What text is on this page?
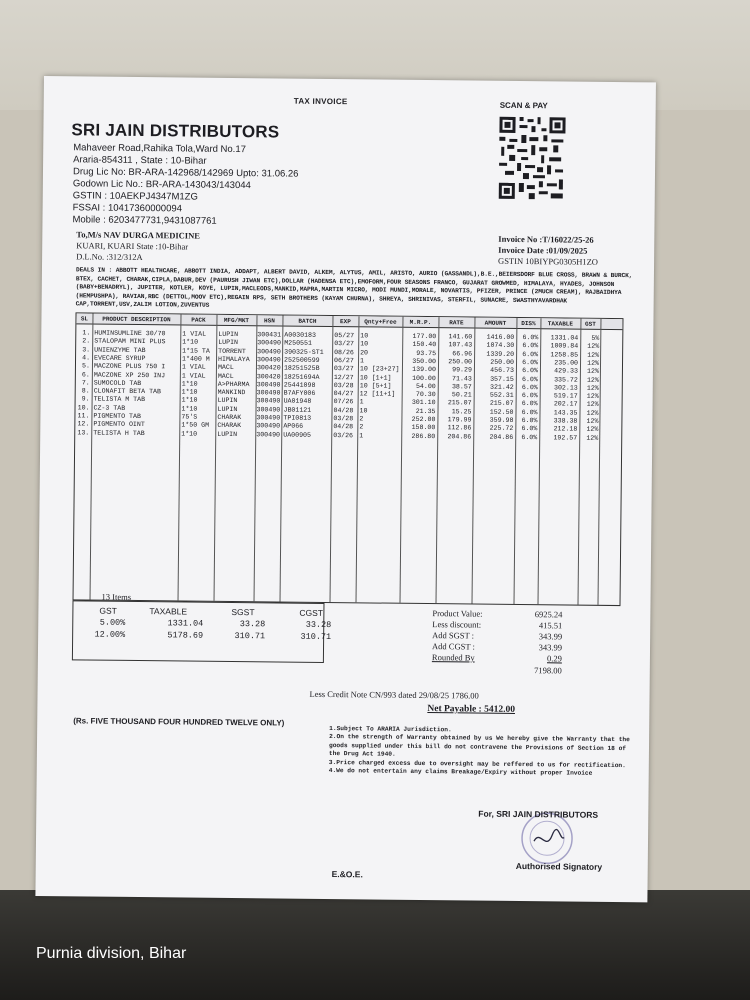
TAX INVOICE	SCAN & PAY
SRI JAIN DISTRIBUTORS
Mahaveer Road,Rahika Tola,Ward No.17
Araria-854311 , State : 10-Bihar
Drug Lic No: BR-ARA-142968/142969 Upto: 31.06.26
Godown Lic No.: BR-ARA-143043/143044
GSTIN : 10AEKPJ4347M1ZG
FSSAI : 10417360000094
Mobile : 6203477731,9431087761
To,M/s NAV DURGA MEDICINE
KUARI, KUARI State :10-Bihar
D.L.No. :312/312A
Invoice No :T/16022/25-26
Invoice Date :01/09/2025
GSTIN 10BIYPG0305H1ZO
DEALS IN : ABBOTT HEALTHCARE, ABBOTT INDIA, ADDAPT, ALBERT DAVID, ALKEM, ALYTUS, AMIL, ARISTO, AURIO (GASSANDL),B.E.,BEIERSDORF BLUE CROSS, BRAWN & BURCK, BTEX, CACHET, CHARAK,CIPLA,DABUR,DEV (PAURUSH JIWAN ETC),DOLLAR (HADENSA ETC),EMOFORM,FOUR SEASONS FRANCO, GUJARAT GROWMED, HIMALAYA, HYADES, JOHNSON (BABY+BENADRYL), JUPITER, KOTLER, KOYE, LUPIN,MACLEODS,MANKID,MAPRA,MARTIN MICRO, MODI MUNDI,MORALE, NOVARTIS, PFIZER, PRINCE (2MUCH CREAM), RAJBAIDHYA (HEMPUSHPA), RAVIAN,RBC (DETTOL,MOOV ETC),REGAIN RPS, SETH BROTHERS (KAYAM CHURNA), SHREYA, SHRINIVAS, STERFIL, SUNACRE, SWASTHYAVARDHAK CAP,TORRENT,USV,ZALIM LOTION,ZUVENTUS
SL	PRODUCT DESCRIPTION	PACK	MFG/MKT	HSN	BATCH	EXP	Qnty+Free	M.R.P.	RATE	AMOUNT	DIS%	TAXABLE	GST
1. HUMINSUMLINE 30/70	1 VIAL	LUPIN	300431 A0030183	05/27 10	177.00	141.60	1416.00	6.0%	1331.04	5%
2. STALOPAM MINI PLUS	1*10	LUPIN	300490 M250551	03/27 10	150.40	107.43	1074.30	6.0%	1009.84	12%
3. UNIENZYME TAB	1*15 TA	TORRENT	300490 390325-ST1	08/26 20	93.75	66.96	1339.20	6.0%	1258.85	12%
4. EVECARE SYRUP	1*400 M	HIMALAYA	300490 252500599	06/27 1	350.00	250.00	250.00	6.0%	235.00	12%
5. MACZONE PLUS 750 I	1 VIAL	MACL	300420 18251525B	03/27 10 [23+27]	139.00	99.29	456.73	6.0%	429.33	12%
6. MACZONE XP 250 INJ	1 VIAL	MACL	300420 18251694A	12/27 10 [1+1]	100.00	71.43	357.15	6.0%	335.72	12%
7. SUMOCOLD TAB	1*10	A>PHARMA	300490 25441098	03/28 10 [5+1]	54.00	38.57	321.42	6.0%	302.13	12%
8. CLONAFIT BETA TAB	1*10	MANKIND	300490 B7AFY006	04/27 12 [11+1]	70.30	50.21	552.31	6.0%	519.17	12%
9. TELISTA M TAB	1*10	LUPIN	300490 UA01948	07/26 1	301.10	215.07	215.07	6.0%	202.17	12%
10. CZ-3 TAB	1*10	LUPIN	300490 JB01121	04/28 10	21.35	15.25	152.50	6.0%	143.35	12%
11. PIGMENTO TAB	75'S	CHARAK	300490 TPI0813	03/28 2	252.00	179.99	359.98	6.0%	338.38	12%
12. PIGMENTO OINT	1*50 GM	CHARAK	300490 AP066	04/28 2	158.00	112.86	225.72	6.0%	212.18	12%
13. TELISTA H TAB	1*10	LUPIN	300490 UA00905	03/26 1	286.80	204.86	204.86	6.0%	192.57	12%
13 Items
GST	TAXABLE	SGST	CGST
5.00%	1331.04	33.28	33.28
12.00%	5178.69	310.71	310.71
Product Value:	6925.24
Less discount:	415.51
Add SGST :	343.99
Add CGST :	343.99
Rounded By	0.29
7198.00
Less Credit Note CN/993 dated 29/08/25 1786.00
Net Payable : 5412.00
(Rs. FIVE THOUSAND FOUR HUNDRED TWELVE ONLY)
1.Subject To ARARIA Jurisdiction.
2.On the strength of Warranty obtained by us We hereby give the Warranty that the goods supplied under this bill do not contravene the Provisions of Section 18 of the Drug Act 1940.
3.Price charged excess due to oversight may be reffered to us for rectification.
4.We do not entertain any claims Breakage/Expiry without proper Invoice
For, SRI JAIN DISTRIBUTORS
Authorised Signatory
E.&O.E.
Purnia division, Bihar
